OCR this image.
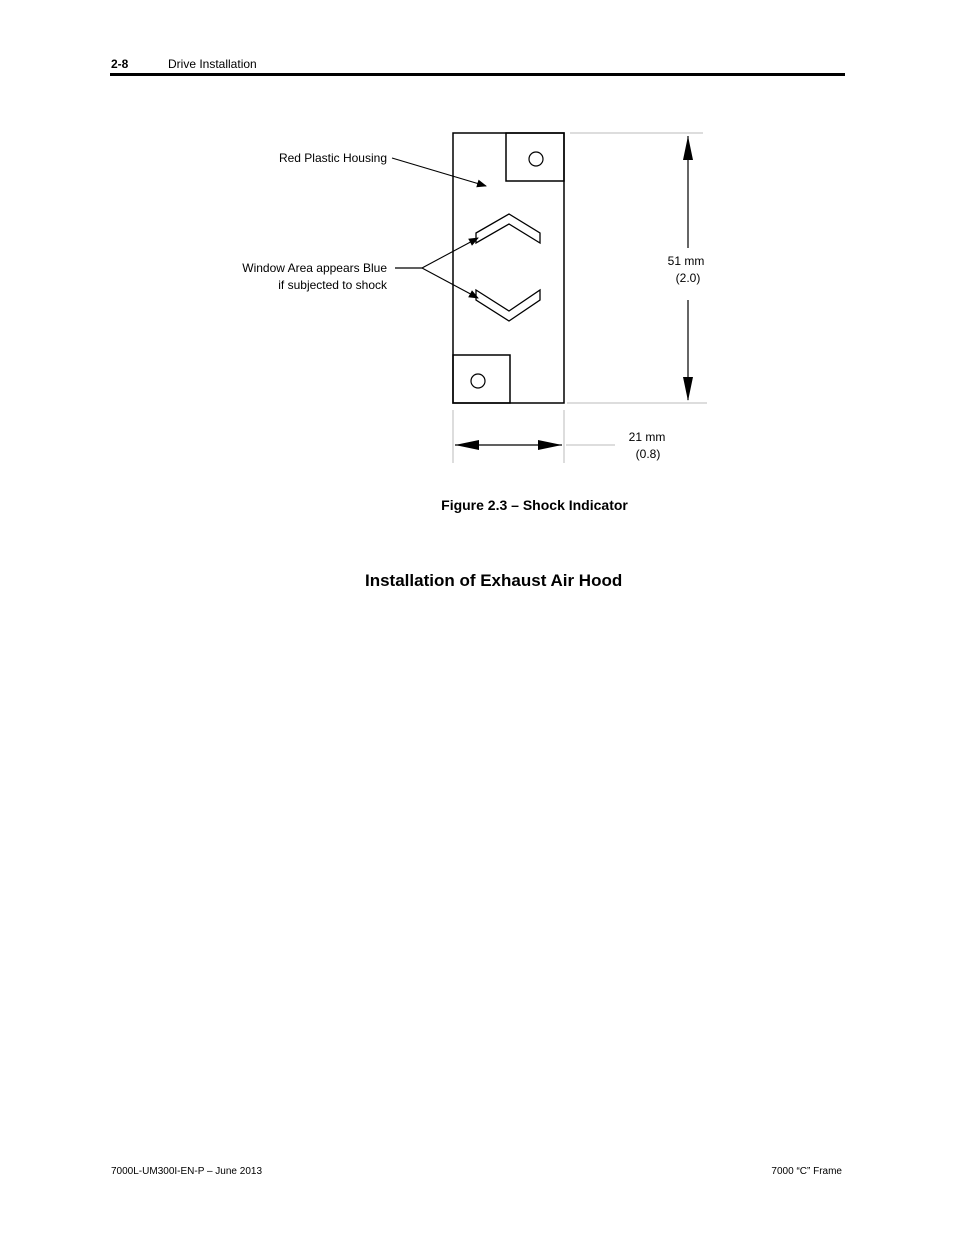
2-8	Drive Installation
Red Plastic Housing
Window Area appears Blue
if subjected to shock
51 mm
(2.0)
21 mm
(0.8)
Figure 2.3 – Shock Indicator
Installation of Exhaust Air Hood
7000L-UM300I-EN-P – June 2013	7000 “C” Frame
